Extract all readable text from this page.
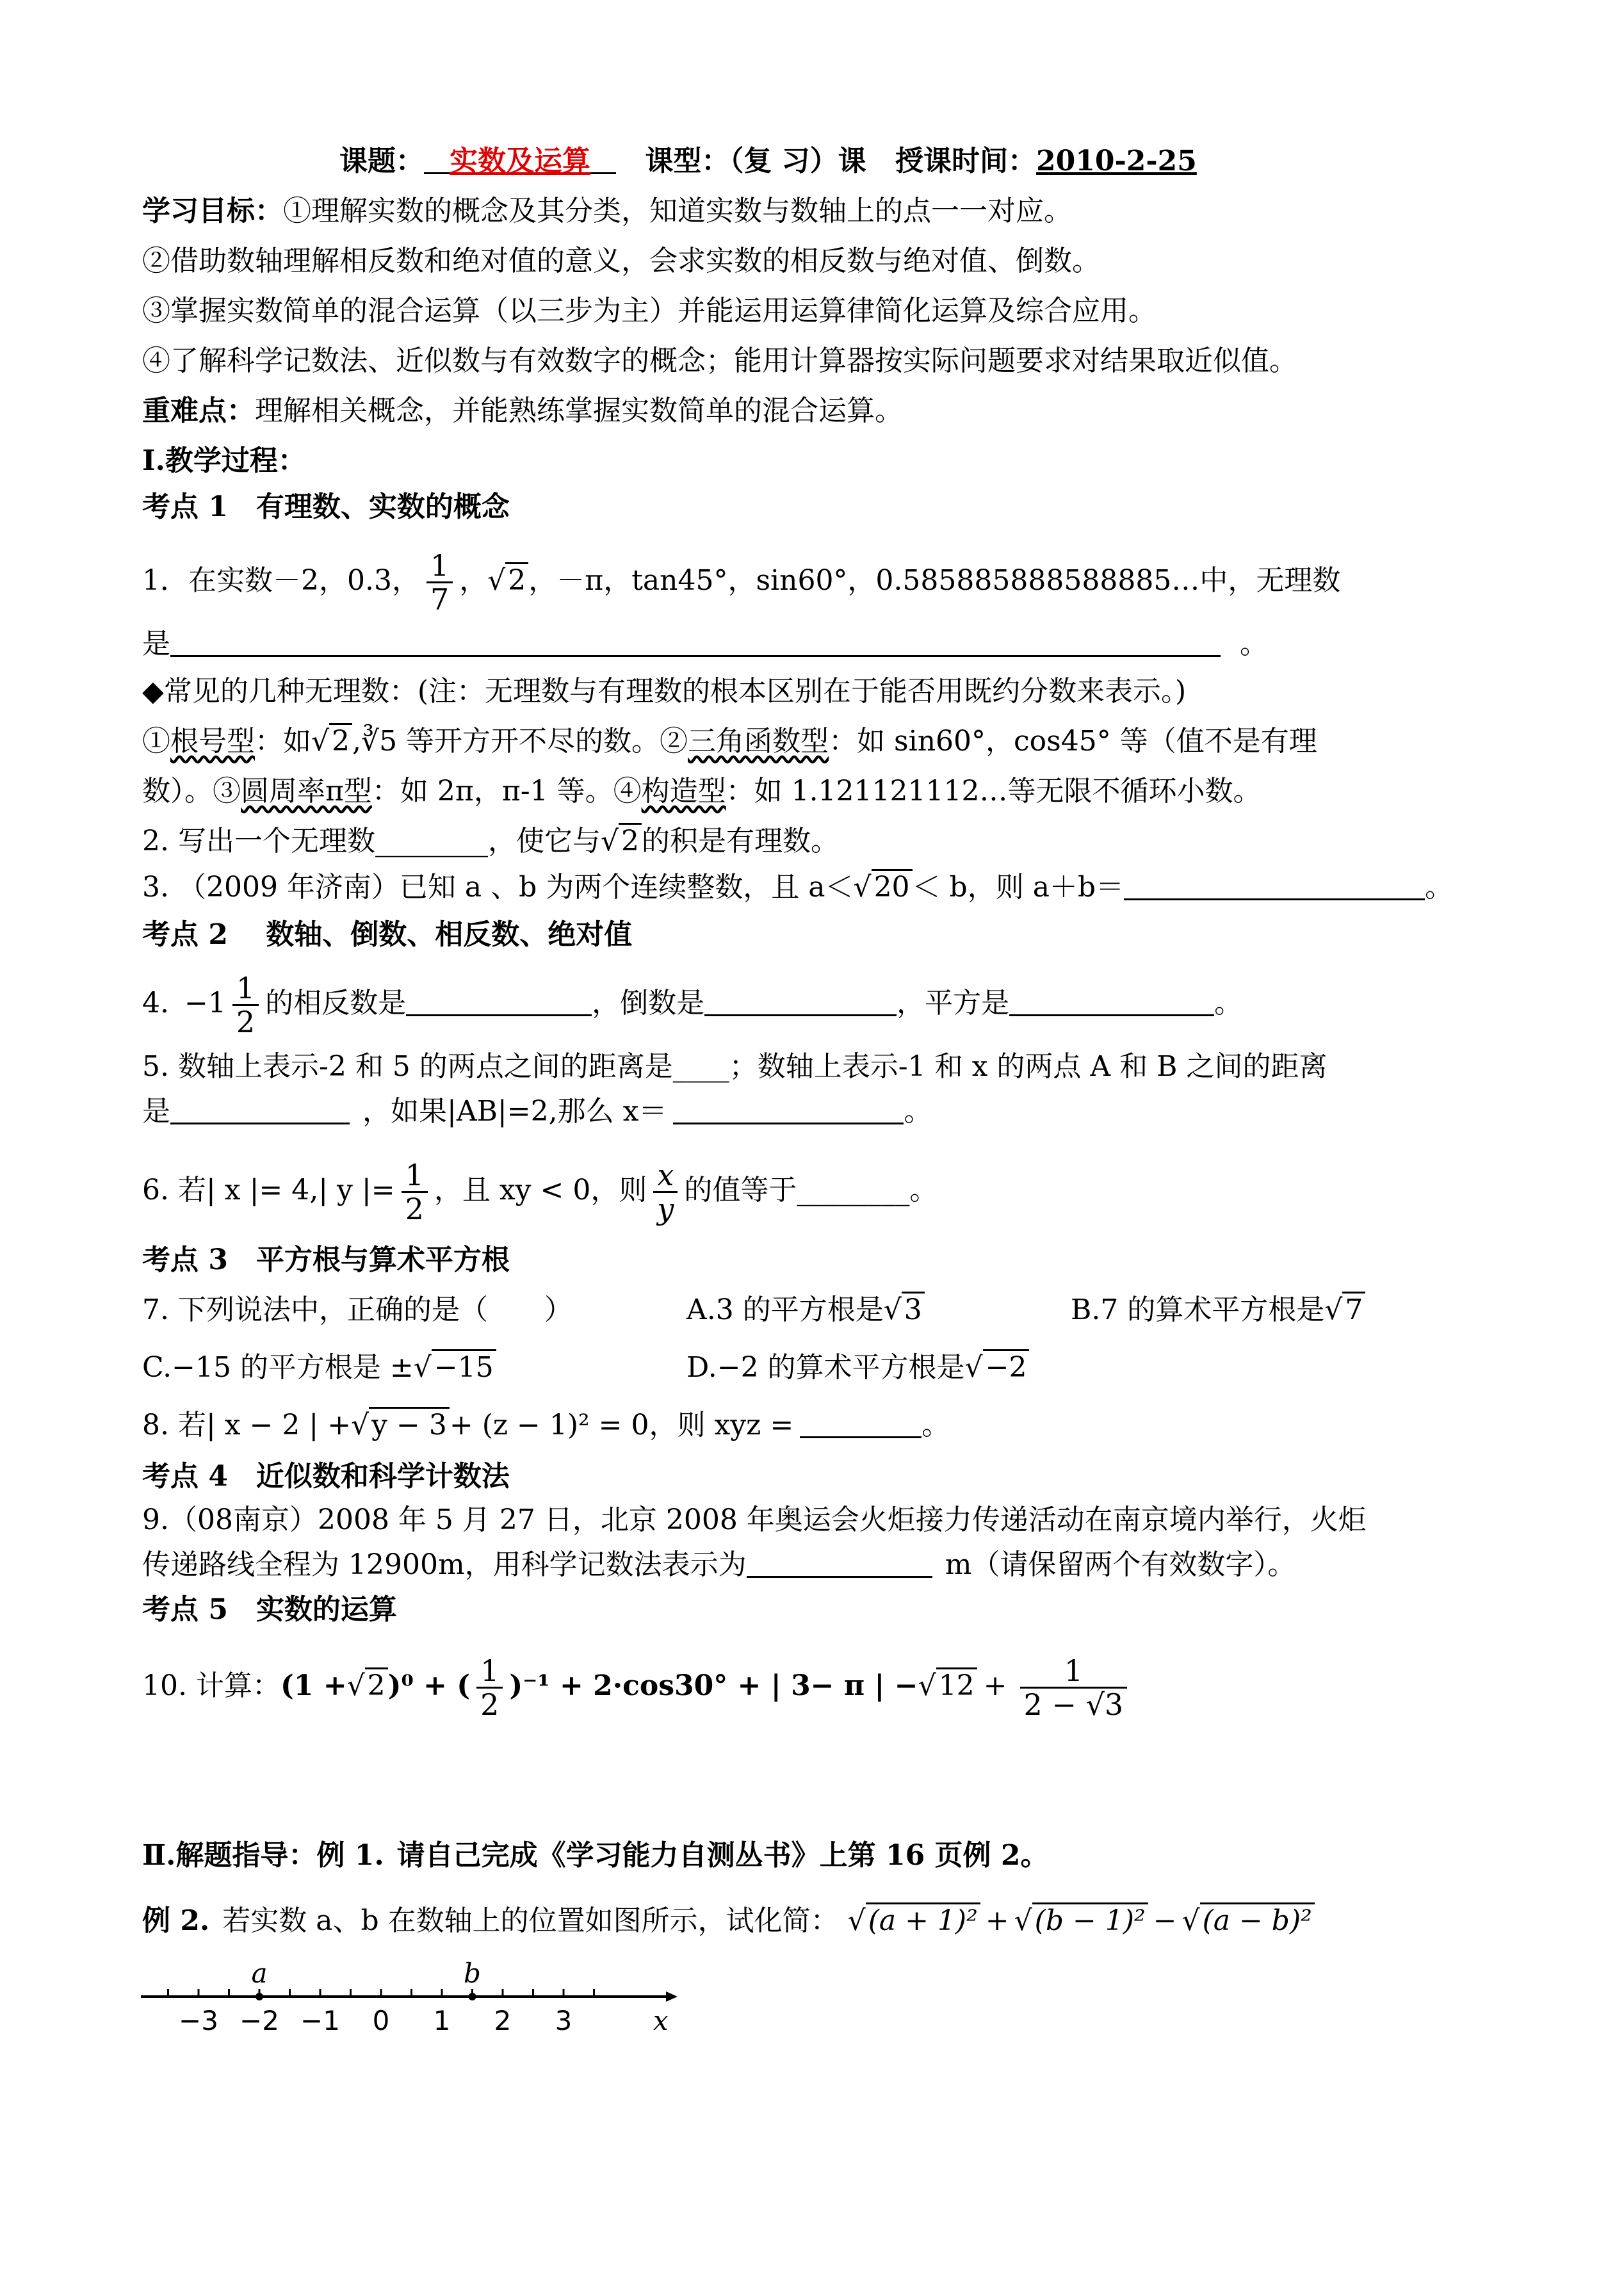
课题： 实数及运算 课型：（复 习）课 授课时间：2010-2-25
学习目标：①理解实数的概念及其分类，知道实数与数轴上的点一一对应。
②借助数轴理解相反数和绝对值的意义，会求实数的相反数与绝对值、倒数。
③掌握实数简单的混合运算（以三步为主）并能运用运算律简化运算及综合应用。
④了解科学记数法、近似数与有效数字的概念；能用计算器按实际问题要求对结果取近似值。
重难点：理解相关概念，并能熟练掌握实数简单的混合运算。
Ⅰ.教学过程：
考点 1　有理数、实数的概念
1．在实数－2，0.3， $\frac{1}{7}$ ，√2，－π，tan45°，sin60°，0.585885888588885…中，无理数
是	。
◆常见的几种无理数：(注：无理数与有理数的根本区别在于能否用既约分数来表示。)
①根号型：如√2,∛5 等开方开不尽的数。②三角函数型：如 sin60°，cos45° 等（值不是有理
数）。③圆周率π型：如 2π，π-1 等。④构造型：如 1.121121112…等无限不循环小数。
2. 写出一个无理数________，使它与√2的积是有理数。
3. （2009 年济南）已知 a 、b 为两个连续整数，且 a＜√20＜ b，则 a＋b＝	。
考点 2　 数轴、倒数、相反数、绝对值
4. $-1 \frac{1}{2}$ 的相反数是	，倒数是	，平方是	。
5. 数轴上表示-2 和 5 的两点之间的距离是____；数轴上表示-1 和 x 的两点 A 和 B 之间的距离
是	，如果|AB|=2,那么 x＝	。
6. 若| x |= 4,| y |= $\frac{1}{2}$ ，且 xy < 0，则 $\frac{x}{y}$ 的值等于________。
考点 3　平方根与算术平方根
7. 下列说法中，正确的是（　　）	A.3 的平方根是√3	B.7 的算术平方根是√7
C.−15 的平方根是 ±√−15	D.−2 的算术平方根是√−2
8. 若| x − 2 | +√y − 3+ (z − 1)² = 0，则 xyz =	。
考点 4　近似数和科学计数法
9.（08南京）2008 年 5 月 27 日，北京 2008 年奥运会火炬接力传递活动在南京境内举行，火炬
传递路线全程为 12900m，用科学记数法表示为	m（请保留两个有效数字）。
考点 5　实数的运算
10. 计算：(1 +√2)⁰ + ( $\frac{1}{2} )^{-1} + 2\cdot\cos 30^\circ$ + | 3− π | $-√12 + \frac{1}{2 - √3}$
Ⅱ.解题指导：例 1. 请自己完成《学习能力自测丛书》上第 16 页例 2。
例 2. 若实数 a、b 在数轴上的位置如图所示，试化简： √(a + 1)² + √(b − 1)² − √(a − b)²
−3 −2 −1 0 1 2 3	x
a	b
